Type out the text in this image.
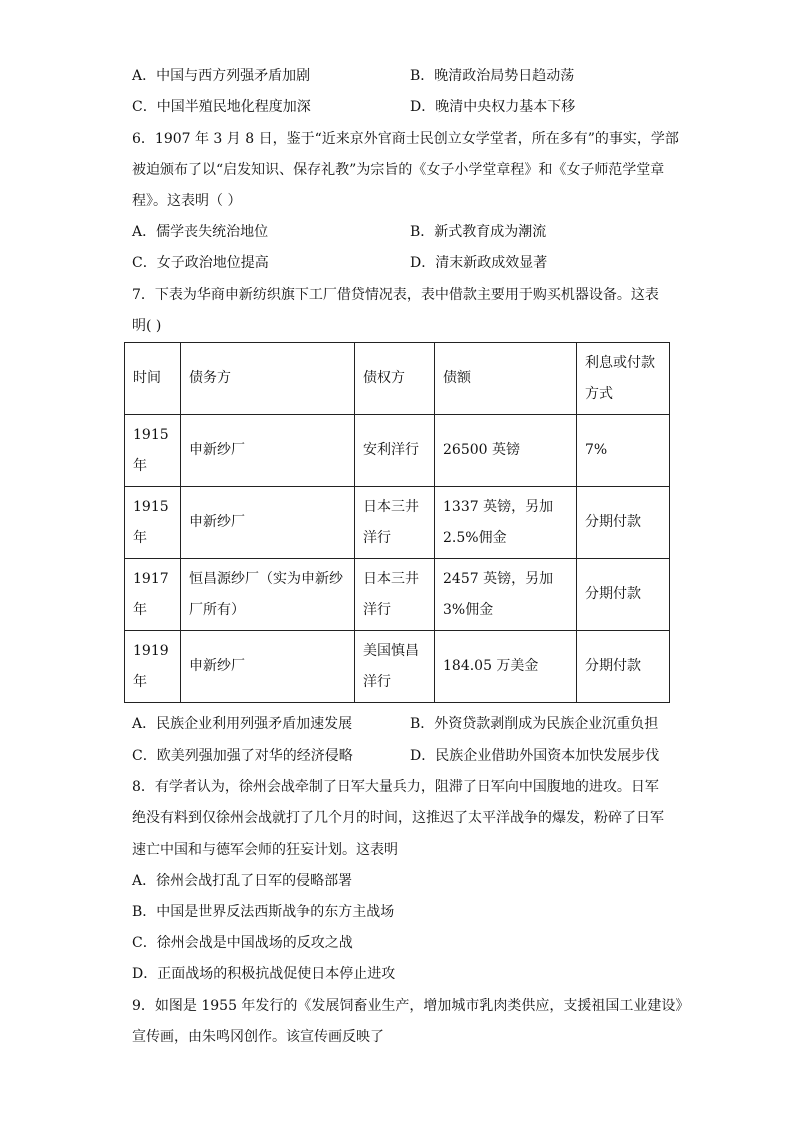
A．中国与西方列强矛盾加剧	B．晚清政治局势日趋动荡
C．中国半殖民地化程度加深	D．晚清中央权力基本下移
6．1907 年 3 月 8 日，鉴于“近来京外官商士民创立女学堂者，所在多有”的事实，学部
被迫颁布了以“启发知识、保存礼教”为宗旨的《女子小学堂章程》和《女子师范学堂章
程》。这表明（ ）
A．儒学丧失统治地位	B．新式教育成为潮流
C．女子政治地位提高	D．清末新政成效显著
7．下表为华商申新纺织旗下工厂借贷情况表，表中借款主要用于购买机器设备。这表
明( )
时间	债务方	债权方	债额	利息或付款方式
1915 年	申新纱厂	安利洋行	26500 英镑	7%
1915 年	申新纱厂	日本三井洋行	1337 英镑，另加 2.5%佣金	分期付款
1917 年	恒昌源纱厂（实为申新纱厂所有）	日本三井洋行	2457 英镑，另加 3%佣金	分期付款
1919 年	申新纱厂	美国慎昌洋行	184.05 万美金	分期付款
A．民族企业利用列强矛盾加速发展	B．外资贷款剥削成为民族企业沉重负担
C．欧美列强加强了对华的经济侵略	D．民族企业借助外国资本加快发展步伐
8．有学者认为，徐州会战牵制了日军大量兵力，阻滞了日军向中国腹地的进攻。日军
绝没有料到仅徐州会战就打了几个月的时间，这推迟了太平洋战争的爆发，粉碎了日军
速亡中国和与德军会师的狂妄计划。这表明
A．徐州会战打乱了日军的侵略部署
B．中国是世界反法西斯战争的东方主战场
C．徐州会战是中国战场的反攻之战
D．正面战场的积极抗战促使日本停止进攻
9．如图是 1955 年发行的《发展饲畜业生产，增加城市乳肉类供应，支援祖国工业建设》
宣传画，由朱鸣冈创作。该宣传画反映了
